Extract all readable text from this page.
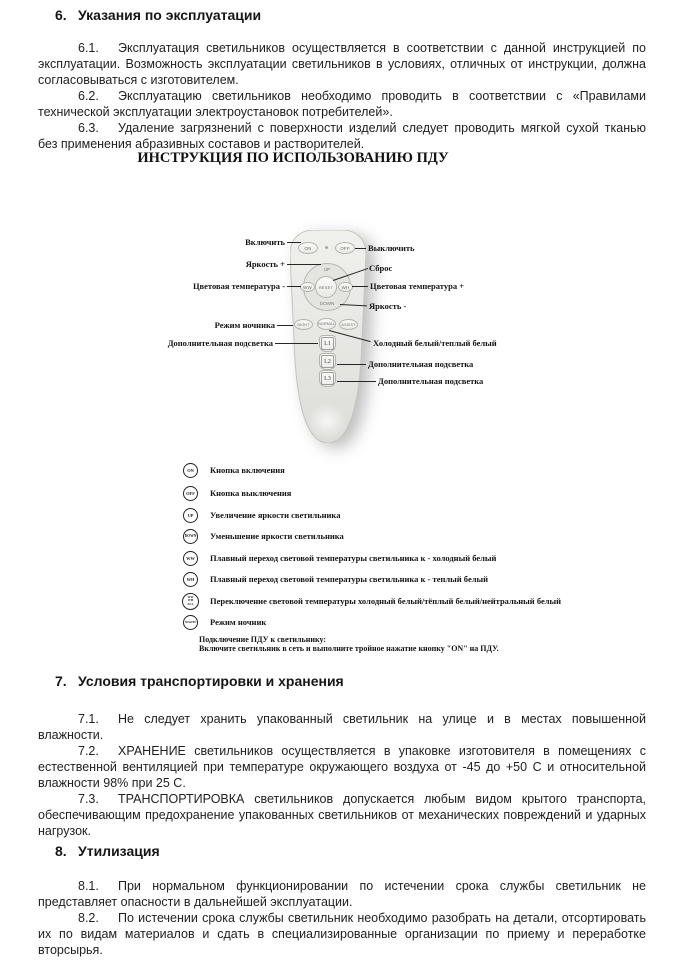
6. Указания по эксплуатации

6.1. Эксплуатация светильников осуществляется в соответствии с данной инструкцией по эксплуатации. Возможность эксплуатации светильников в условиях, отличных от инструкции, должна согласовываться с изготовителем.

6.2. Эксплуатацию светильников необходимо проводить в соответствии с «Правилами технической эксплуатации электроустановок потребителей».

6.3. Удаление загрязнений с поверхности изделий следует проводить мягкой сухой тканью без применения абразивных составов и растворителей.

ИНСТРУКЦИЯ ПО ИСПОЛЬЗОВАНИЮ ПДУ
ON	OFF
UP
DOWN
WW	RESET	WH
NIGHT	NORMAL	ASSIST
L1
L2
L3
Включить
Яркость +
Цветовая температура -
Режим ночника
Дополнительная подсветка
Выключить
Сброс
Цветовая температура +
Яркость -
Холодный белый/теплый белый
Дополнительная подсветка
Дополнительная подсветка
ON	Кнопка включения
OFF	Кнопка выключения
UP	Увеличение яркости светильника
DOWN Уменьшение яркости светильника
WW	Плавный переход световой температуры светильника к - холодный белый
WH	Плавный переход световой температуры светильника к - теплый белый
WW
WH
ALL Переключение световой температуры холодный белый/тёплый белый/нейтральный белый
NIGHT Режим ночник
Подключение ПДУ к светильнику:
Включите светильник в сеть и выполните тройное нажатие кнопку "ON" на ПДУ.
7. Условия транспортировки и хранения

7.1. Не следует хранить упакованный светильник на улице и в местах повышенной влажности.

7.2. ХРАНЕНИЕ светильников осуществляется в упаковке изготовителя в помещениях с естественной вентиляцией при температуре окружающего воздуха от -45 до +50 С и относительной влажности 98% при 25 С.

7.3. ТРАНСПОРТИРОВКА светильников допускается любым видом крытого транспорта, обеспечивающим предохранение упакованных светильников от механических повреждений и ударных нагрузок.

8. Утилизация

8.1. При нормальном функционировании по истечении срока службы светильник не представляет опасности в дальнейшей эксплуатации.

8.2. По истечении срока службы светильник необходимо разобрать на детали, отсортировать их по видам материалов и сдать в специализированные организации по приему и переработке вторсырья.
